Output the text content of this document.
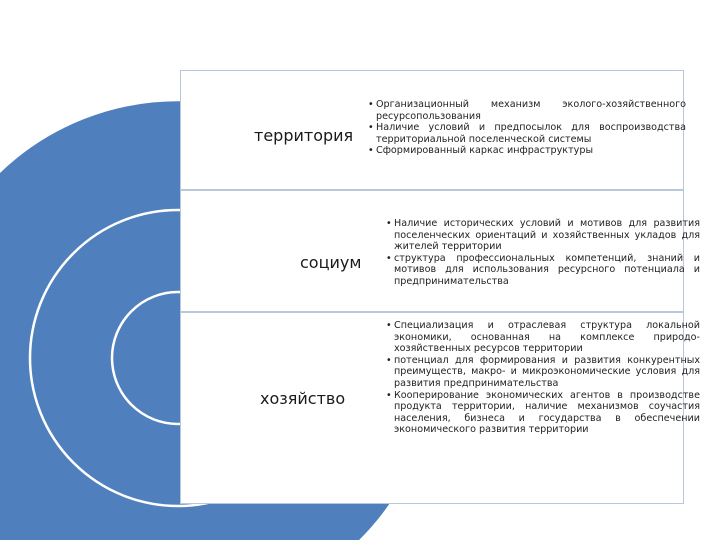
территория
социум
хозяйство
• Организационный механизм эколого-хозяйственного ресурсопользования
• Наличие условий и предпосылок для воспроизводства территориальной поселенческой системы
• Сформированный каркас инфраструктуры
• Наличие исторических условий и мотивов для развития поселенческих ориентаций и хозяйственных укладов для жителей территории
• структура профессиональных компетенций, знаний и мотивов для использования ресурсного потенциала и предпринимательства
• Специализация и отраслевая структура локальной экономики, основанная на комплексе природо-хозяйственных ресурсов территории
• потенциал для формирования и развития конкурентных преимуществ, макро- и микроэкономические условия для развития предпринимательства
• Кооперирование экономических агентов в производстве продукта территории, наличие механизмов соучастия населения, бизнеса и государства в обеспечении экономического развития территории
